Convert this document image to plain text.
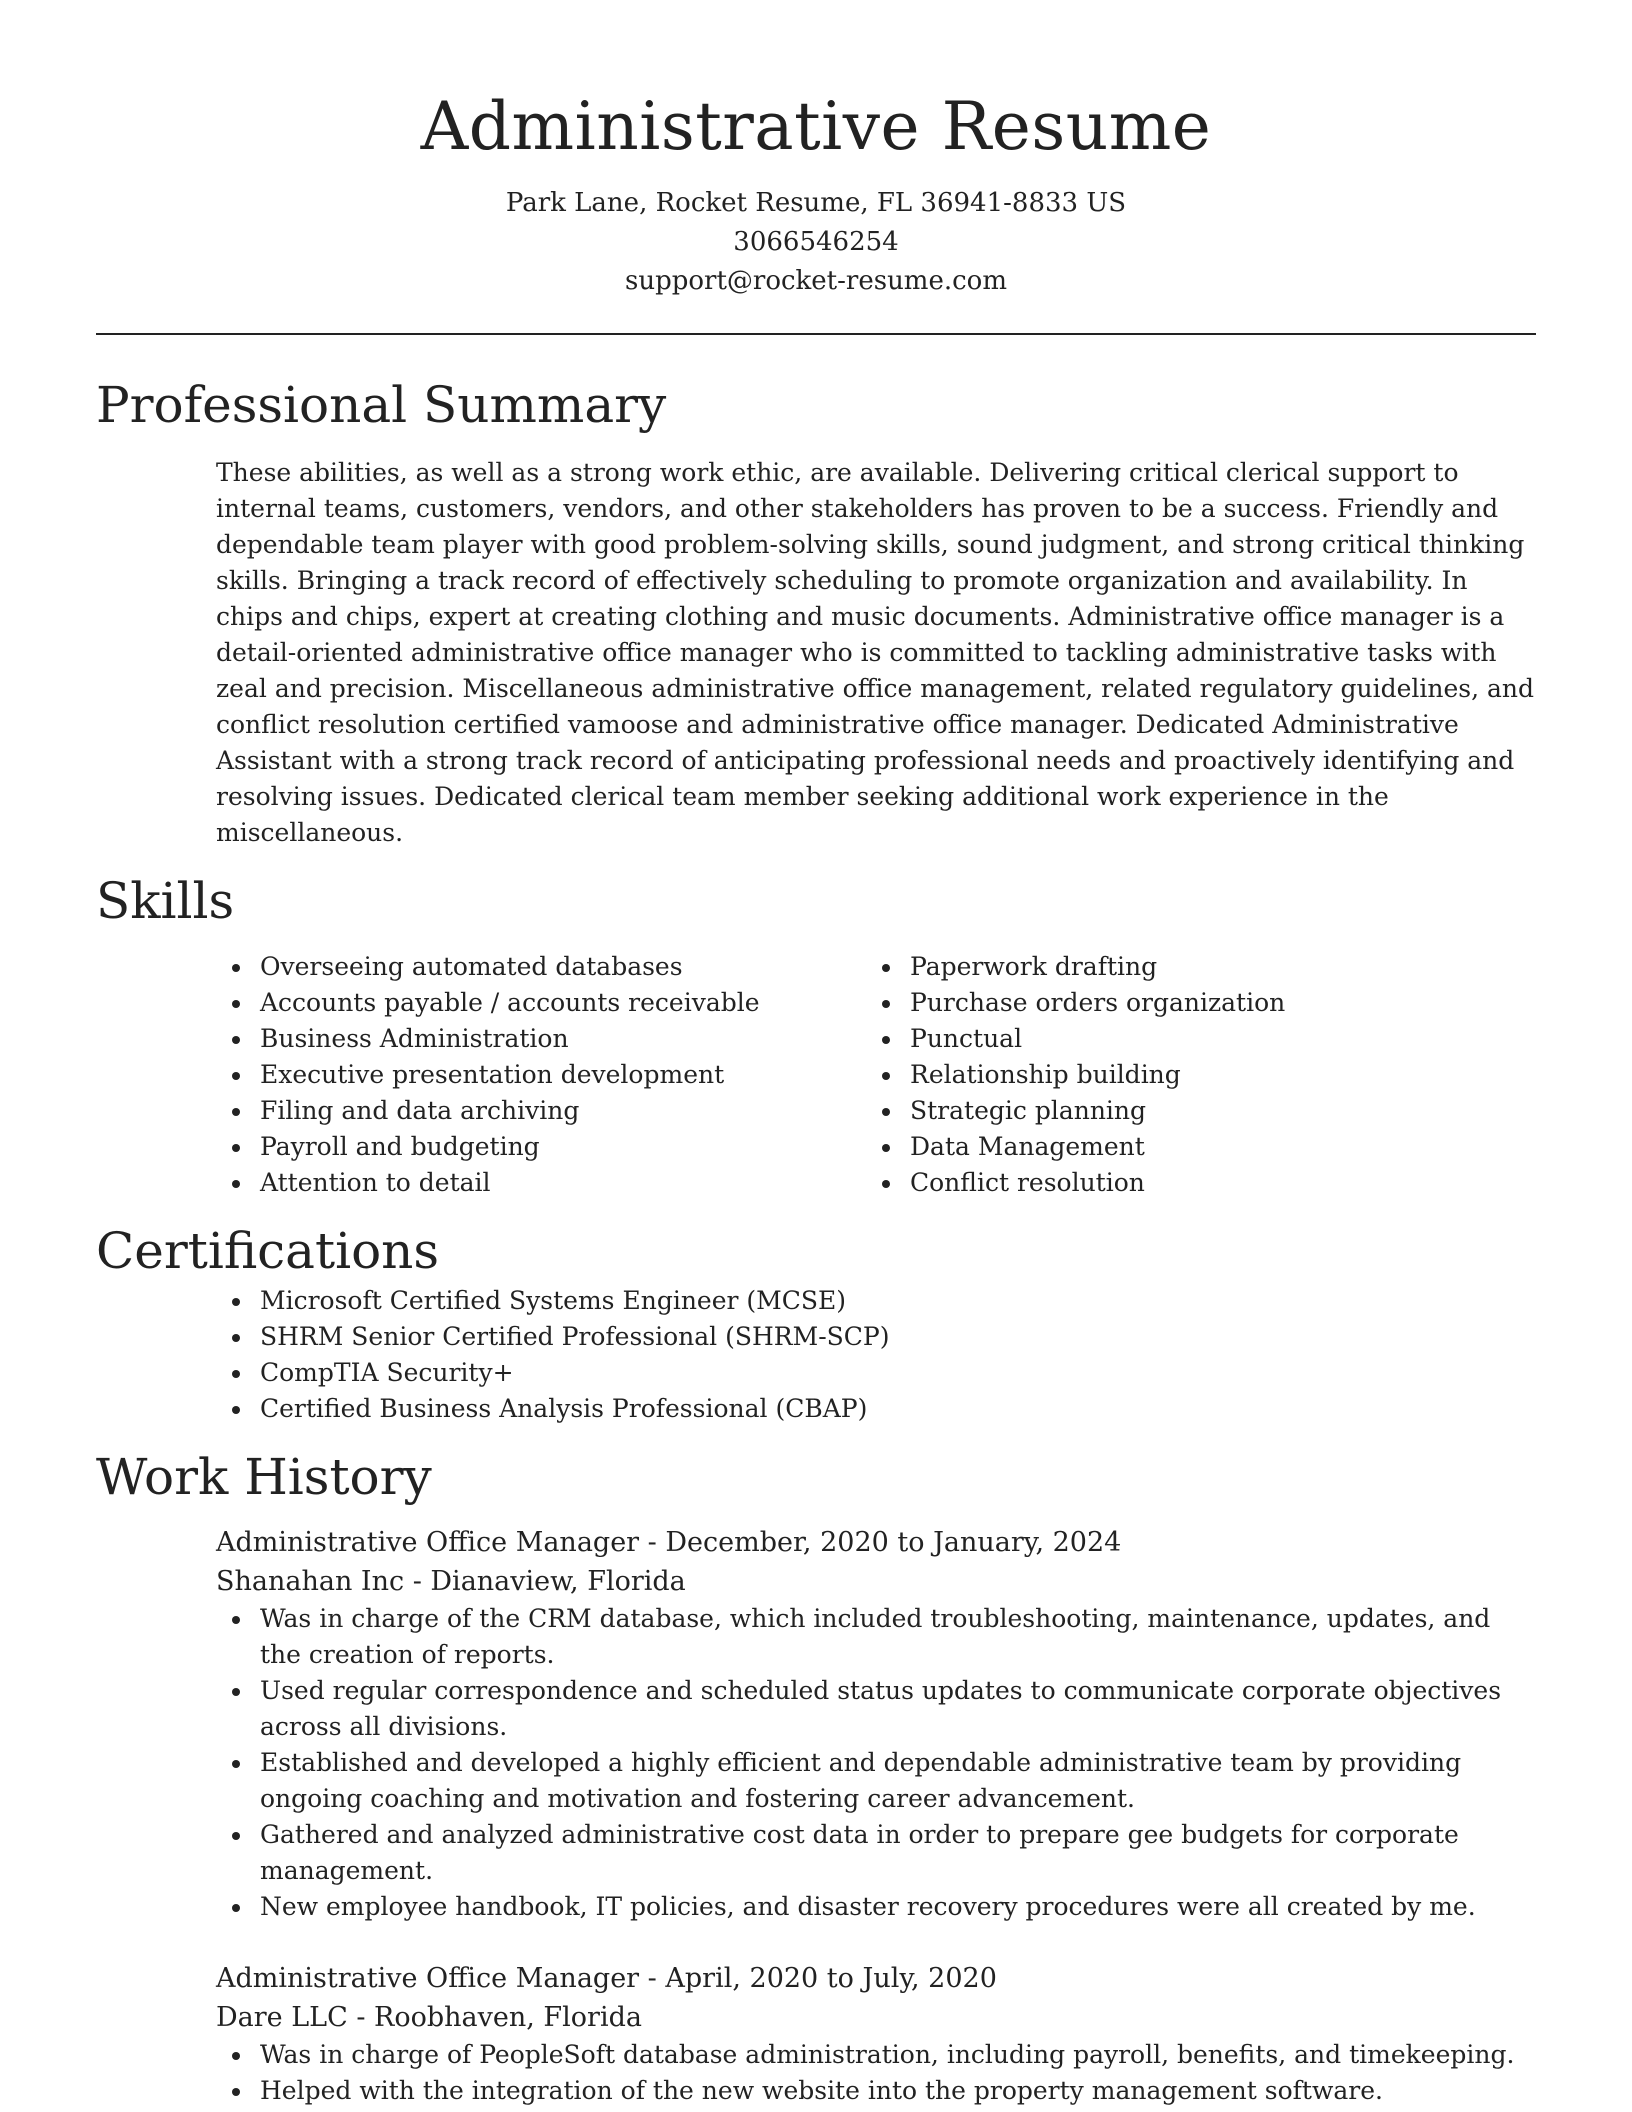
Administrative Resume
Park Lane, Rocket Resume, FL 36941-8833 US
3066546254
support@rocket-resume.com
Professional Summary

These abilities, as well as a strong work ethic, are available. Delivering critical clerical support to internal teams, customers, vendors, and other stakeholders has proven to be a success. Friendly and dependable team player with good problem-solving skills, sound judgment, and strong critical thinking skills. Bringing a track record of effectively scheduling to promote organization and availability. In chips and chips, expert at creating clothing and music documents. Administrative office manager is a detail-oriented administrative office manager who is committed to tackling administrative tasks with zeal and precision. Miscellaneous administrative office management, related regulatory guidelines, and conflict resolution certified vamoose and administrative office manager. Dedicated Administrative Assistant with a strong track record of anticipating professional needs and proactively identifying and resolving issues. Dedicated clerical team member seeking additional work experience in the miscellaneous.

Skills
Overseeing automated databases
Accounts payable / accounts receivable
Business Administration
Executive presentation development
Filing and data archiving
Payroll and budgeting
Attention to detail
Paperwork drafting
Purchase orders organization
Punctual
Relationship building
Strategic planning
Data Management
Conflict resolution
Certifications
Microsoft Certified Systems Engineer (MCSE)
SHRM Senior Certified Professional (SHRM-SCP)
CompTIA Security+
Certified Business Analysis Professional (CBAP)
Work History
Administrative Office Manager - December, 2020 to January, 2024
Shanahan Inc - Dianaview, Florida
Was in charge of the CRM database, which included troubleshooting, maintenance, updates, and the creation of reports.
Used regular correspondence and scheduled status updates to communicate corporate objectives across all divisions.
Established and developed a highly efficient and dependable administrative team by providing ongoing coaching and motivation and fostering career advancement.
Gathered and analyzed administrative cost data in order to prepare gee budgets for corporate management.
New employee handbook, IT policies, and disaster recovery procedures were all created by me.
Administrative Office Manager - April, 2020 to July, 2020
Dare LLC - Roobhaven, Florida
Was in charge of PeopleSoft database administration, including payroll, benefits, and timekeeping.
Helped with the integration of the new website into the property management software.
